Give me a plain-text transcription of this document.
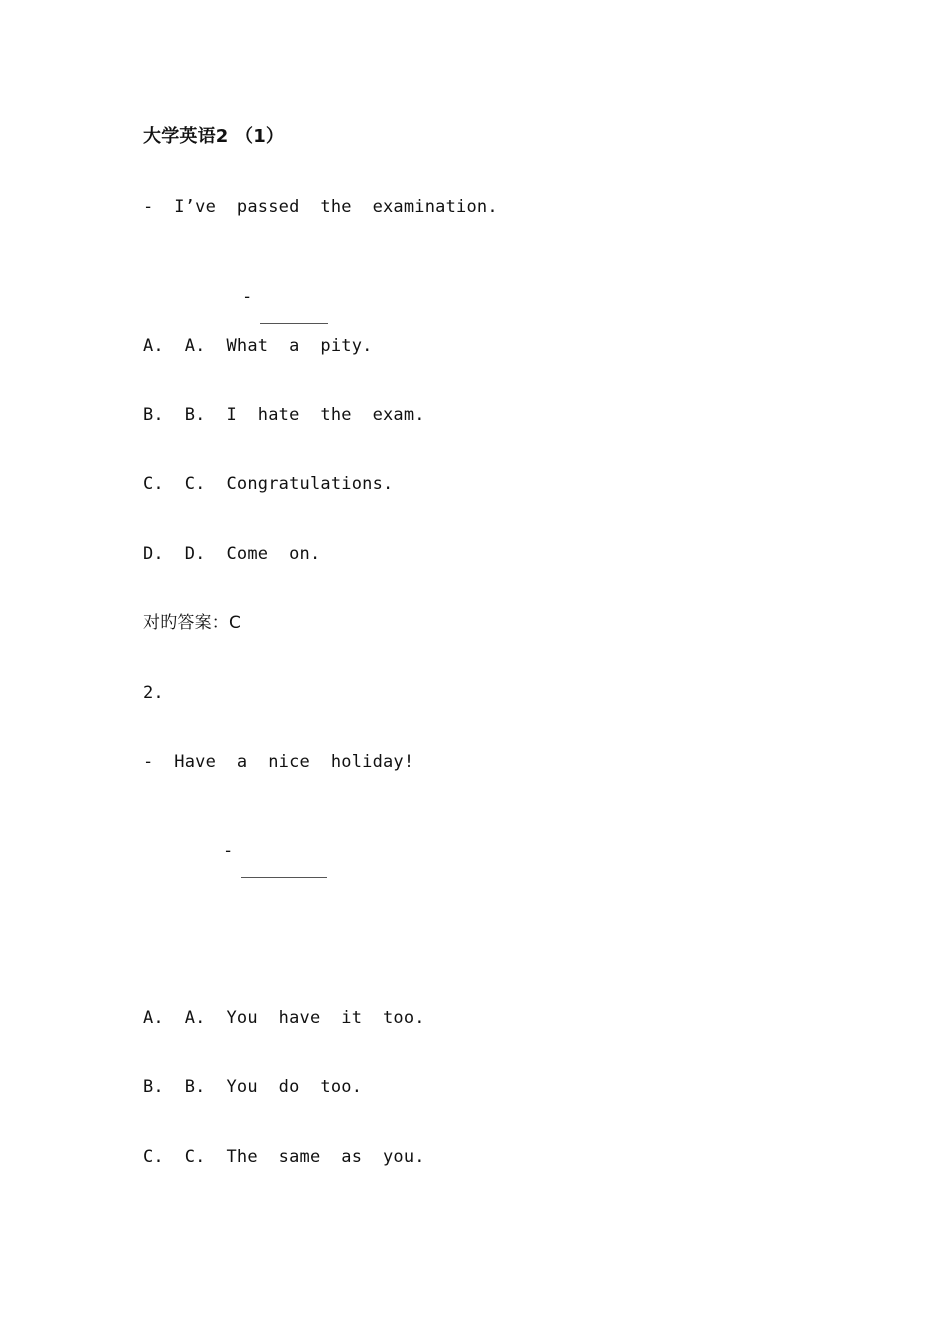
大学英语2 （1）
-  I’ve  passed  the  examination.

-

A.  A.  What  a  pity.
B.  B.  I  hate  the  exam.
C.  C.  Congratulations.
D.  D.  Come  on.
对旳答案：C
2.
-  Have  a  nice  holiday!

-

A.  A.  You  have  it  too.
B.  B.  You  do  too.
C.  C.  The  same  as  you.
